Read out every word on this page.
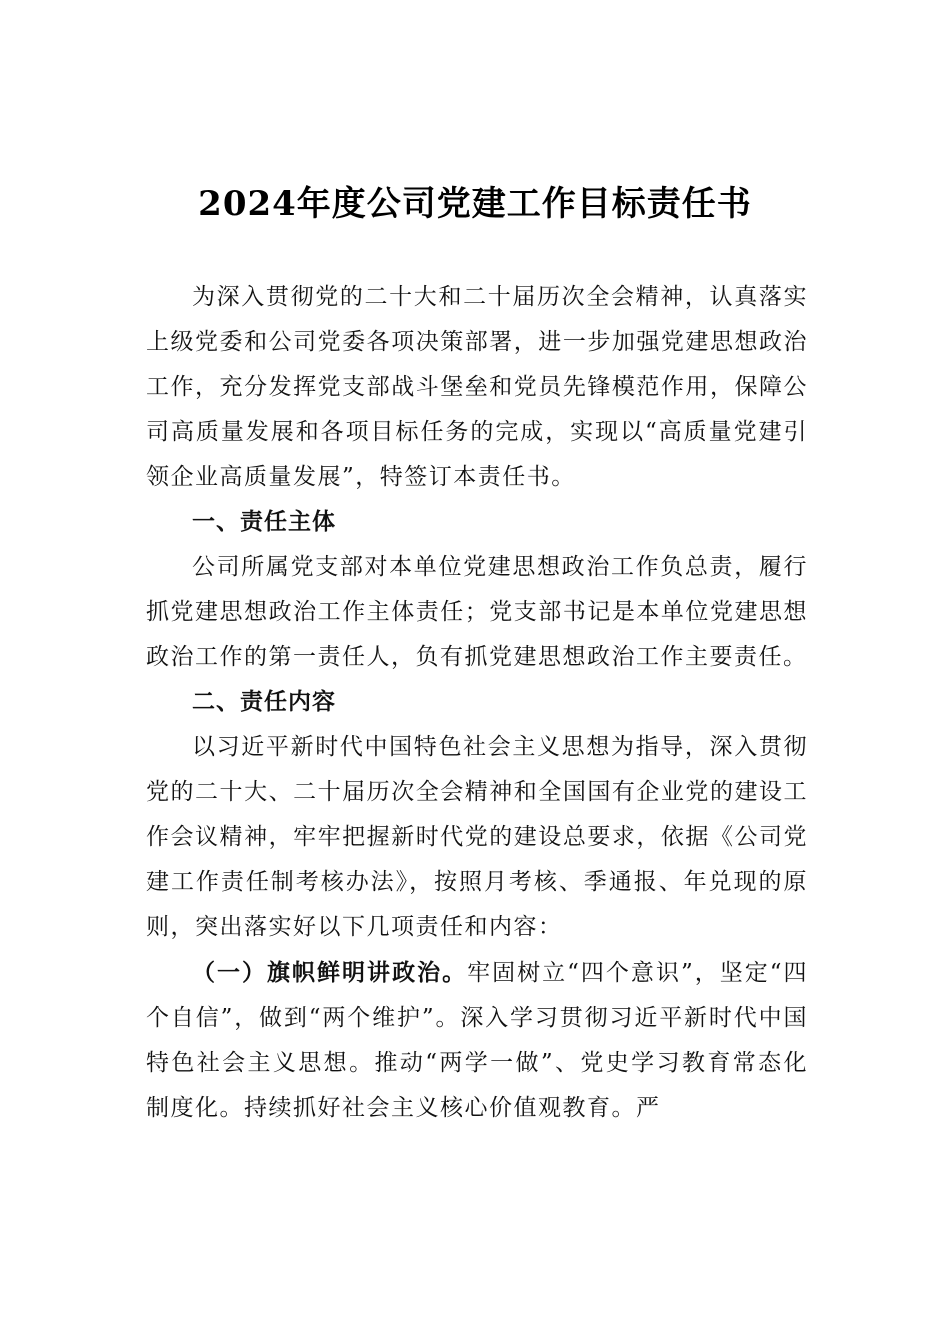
2024年度公司党建工作目标责任书

为深入贯彻党的二十大和二十届历次全会精神，认真落实上级党委和公司党委各项决策部署，进一步加强党建思想政治工作，充分发挥党支部战斗堡垒和党员先锋模范作用，保障公司高质量发展和各项目标任务的完成，实现以“高质量党建引领企业高质量发展”，特签订本责任书。

一、责任主体

公司所属党支部对本单位党建思想政治工作负总责，履行抓党建思想政治工作主体责任；党支部书记是本单位党建思想政治工作的第一责任人，负有抓党建思想政治工作主要责任。

二、责任内容

以习近平新时代中国特色社会主义思想为指导，深入贯彻党的二十大、二十届历次全会精神和全国国有企业党的建设工作会议精神，牢牢把握新时代党的建设总要求，依据《公司党建工作责任制考核办法》，按照月考核、季通报、年兑现的原则，突出落实好以下几项责任和内容：

（一）旗帜鲜明讲政治。牢固树立“四个意识”，坚定“四个自信”，做到“两个维护”。深入学习贯彻习近平新时代中国特色社会主义思想。推动“两学一做”、党史学习教育常态化制度化。持续抓好社会主义核心价值观教育。严
